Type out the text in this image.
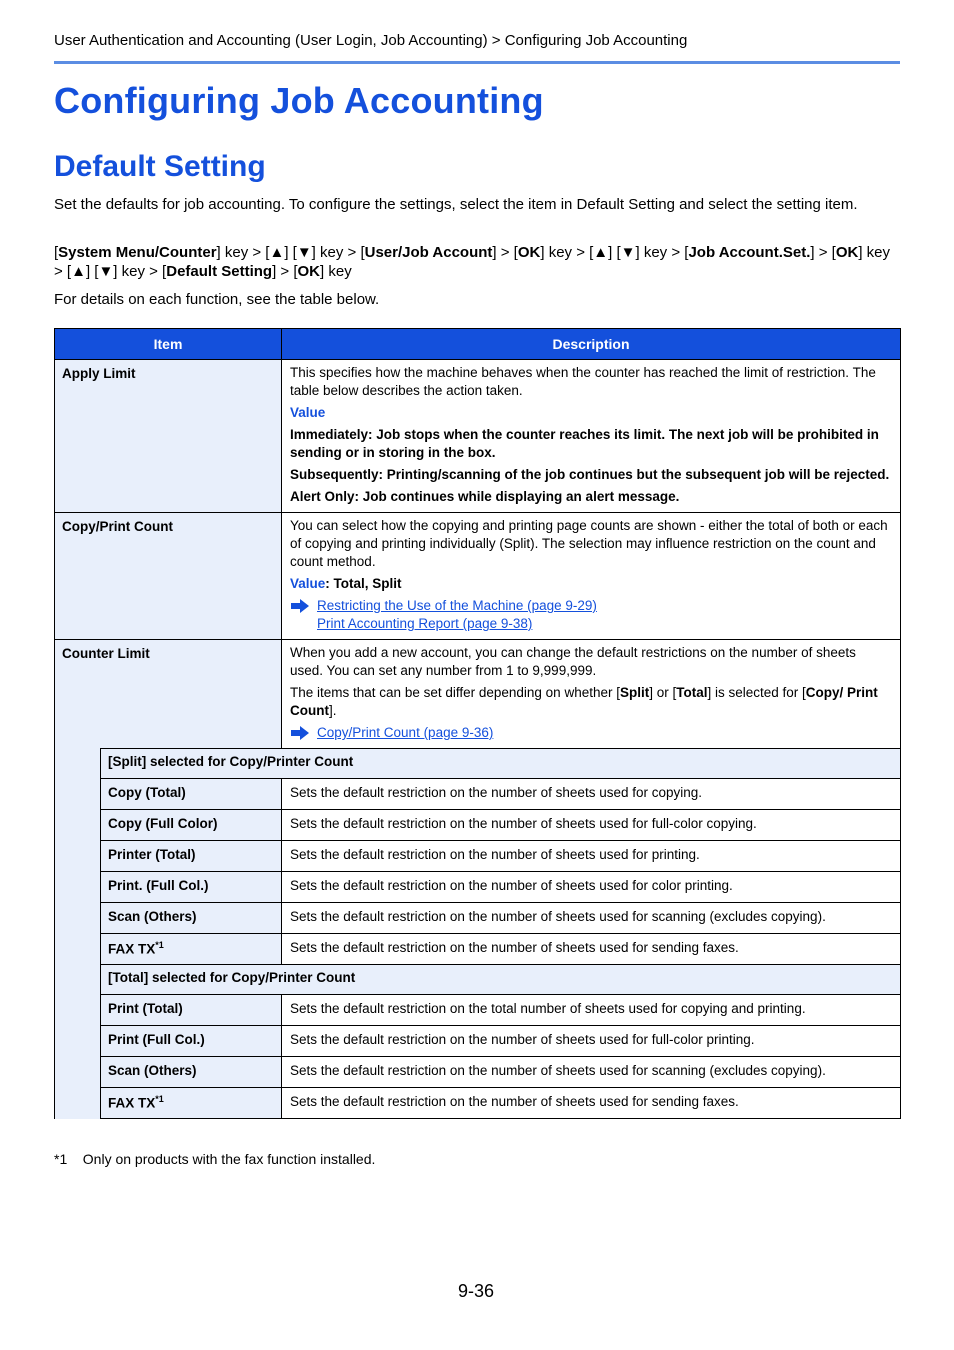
User Authentication and Accounting (User Login, Job Accounting) > Configuring Job Accounting
Configuring Job Accounting
Default Setting
Set the defaults for job accounting. To configure the settings, select the item in Default Setting and select the setting item.
[System Menu/Counter] key > [▲] [▼] key > [User/Job Account] > [OK] key > [▲] [▼] key > [Job Account.Set.] > [OK] key > [▲] [▼] key > [Default Setting] > [OK] key
For details on each function, see the table below.
Item		Description
Apply Limit		This specifies how the machine behaves when the counter has reached the limit of restriction. The table below describes the action taken.

Value

Immediately: Job stops when the counter reaches its limit. The next job will be prohibited in sending or in storing in the box.

Subsequently: Printing/scanning of the job continues but the subsequent job will be rejected.

Alert Only: Job continues while displaying an alert message.

Copy/Print Count		You can select how the copying and printing page counts are shown - either the total of both or each of copying and printing individually (Split). The selection may influence restriction on the count and count method.

Value: Total, Split

Restricting the Use of the Machine (page 9-29)
Print Accounting Report (page 9-38)

Counter Limit		When you add a new account, you can change the default restrictions on the number of sheets used. You can set any number from 1 to 9,999,999.

The items that can be set differ depending on whether [Split] or [Total] is selected for [Copy/ Print Count].

Copy/Print Count (page 9-36)

	[Split] selected for Copy/Printer Count	
	Copy (Total)	Sets the default restriction on the number of sheets used for copying.
	Copy (Full Color)	Sets the default restriction on the number of sheets used for full-color copying.
	Printer (Total)	Sets the default restriction on the number of sheets used for printing.
	Print. (Full Col.)	Sets the default restriction on the number of sheets used for color printing.
	Scan (Others)	Sets the default restriction on the number of sheets used for scanning (excludes copying).
	FAX TX$^{*1}$	Sets the default restriction on the number of sheets used for sending faxes.
	[Total] selected for Copy/Printer Count	
	Print (Total)	Sets the default restriction on the total number of sheets used for copying and printing.
	Print (Full Col.)	Sets the default restriction on the number of sheets used for full-color printing.
	Scan (Others)	Sets the default restriction on the number of sheets used for scanning (excludes copying).
	FAX TX$^{*1}$	Sets the default restriction on the number of sheets used for sending faxes.
*1    Only on products with the fax function installed.
9-36
